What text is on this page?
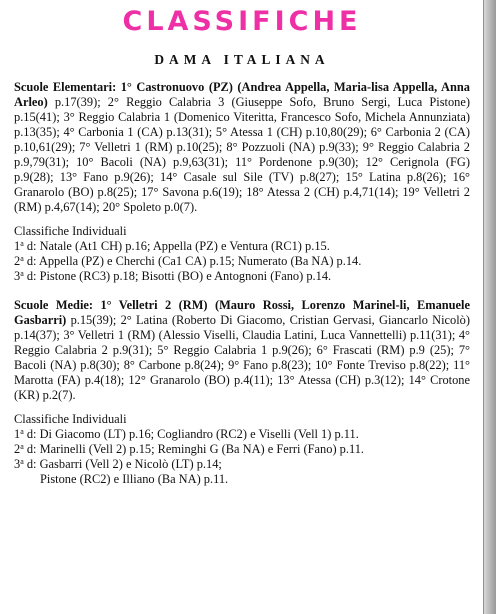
CLASSIFICHE
DAMA ITALIANA

Scuole Elementari: 1° Castronuovo (PZ) (Andrea Appella, Maria-lisa Appella, Anna Arleo) p.17(39); 2° Reggio Calabria 3 (Giuseppe Sofo, Bruno Sergi, Luca Pistone) p.15(41); 3° Reggio Calabria 1 (Domenico Viteritta, Francesco Sofo, Michela Annunziata) p.13(35); 4° Carbonia 1 (CA) p.13(31); 5° Atessa 1 (CH) p.10,80(29); 6° Carbonia 2 (CA) p.10,61(29); 7° Velletri 1 (RM) p.10(25); 8° Pozzuoli (NA) p.9(33); 9° Reggio Calabria 2 p.9,79(31); 10° Bacoli (NA) p.9,63(31); 11° Pordenone p.9(30); 12° Cerignola (FG) p.9(28); 13° Fano p.9(26); 14° Casale sul Sile (TV) p.8(27); 15° Latina p.8(26); 16° Granarolo (BO) p.8(25); 17° Savona p.6(19); 18° Atessa 2 (CH) p.4,71(14); 19° Velletri 2 (RM) p.4,67(14); 20° Spoleto p.0(7).

Classifiche Individuali

1$^a$ d: Natale (At1 CH) p.16; Appella (PZ) e Ventura (RC1) p.15.

2$^a$ d: Appella (PZ) e Cherchi (Ca1 CA) p.15; Numerato (Ba NA) p.14.

3$^a$ d: Pistone (RC3) p.18; Bisotti (BO) e Antognoni (Fano) p.14.

Scuole Medie: 1° Velletri 2 (RM) (Mauro Rossi, Lorenzo Marinel-li, Emanuele Gasbarri) p.15(39); 2° Latina (Roberto Di Giacomo, Cristian Gervasi, Giancarlo Nicolò) p.14(37); 3° Velletri 1 (RM) (Alessio Viselli, Claudia Latini, Luca Vannettelli) p.11(31); 4° Reggio Calabria 2 p.9(31); 5° Reggio Calabria 1 p.9(26); 6° Frascati (RM) p.9 (25); 7° Bacoli (NA) p.8(30); 8° Carbone p.8(24); 9° Fano p.8(23); 10° Fonte Treviso p.8(22); 11° Marotta (FA) p.4(18); 12° Granarolo (BO) p.4(11); 13° Atessa (CH) p.3(12); 14° Crotone (KR) p.2(7).

Classifiche Individuali

1$^a$ d: Di Giacomo (LT) p.16; Cogliandro (RC2) e Viselli (Vell 1) p.11.

2$^a$ d: Marinelli (Vell 2) p.15; Reminghi G (Ba NA) e Ferri (Fano) p.11.

3$^a$ d: Gasbarri (Vell 2) e Nicolò (LT) p.14;

Pistone (RC2) e Illiano (Ba NA) p.11.
